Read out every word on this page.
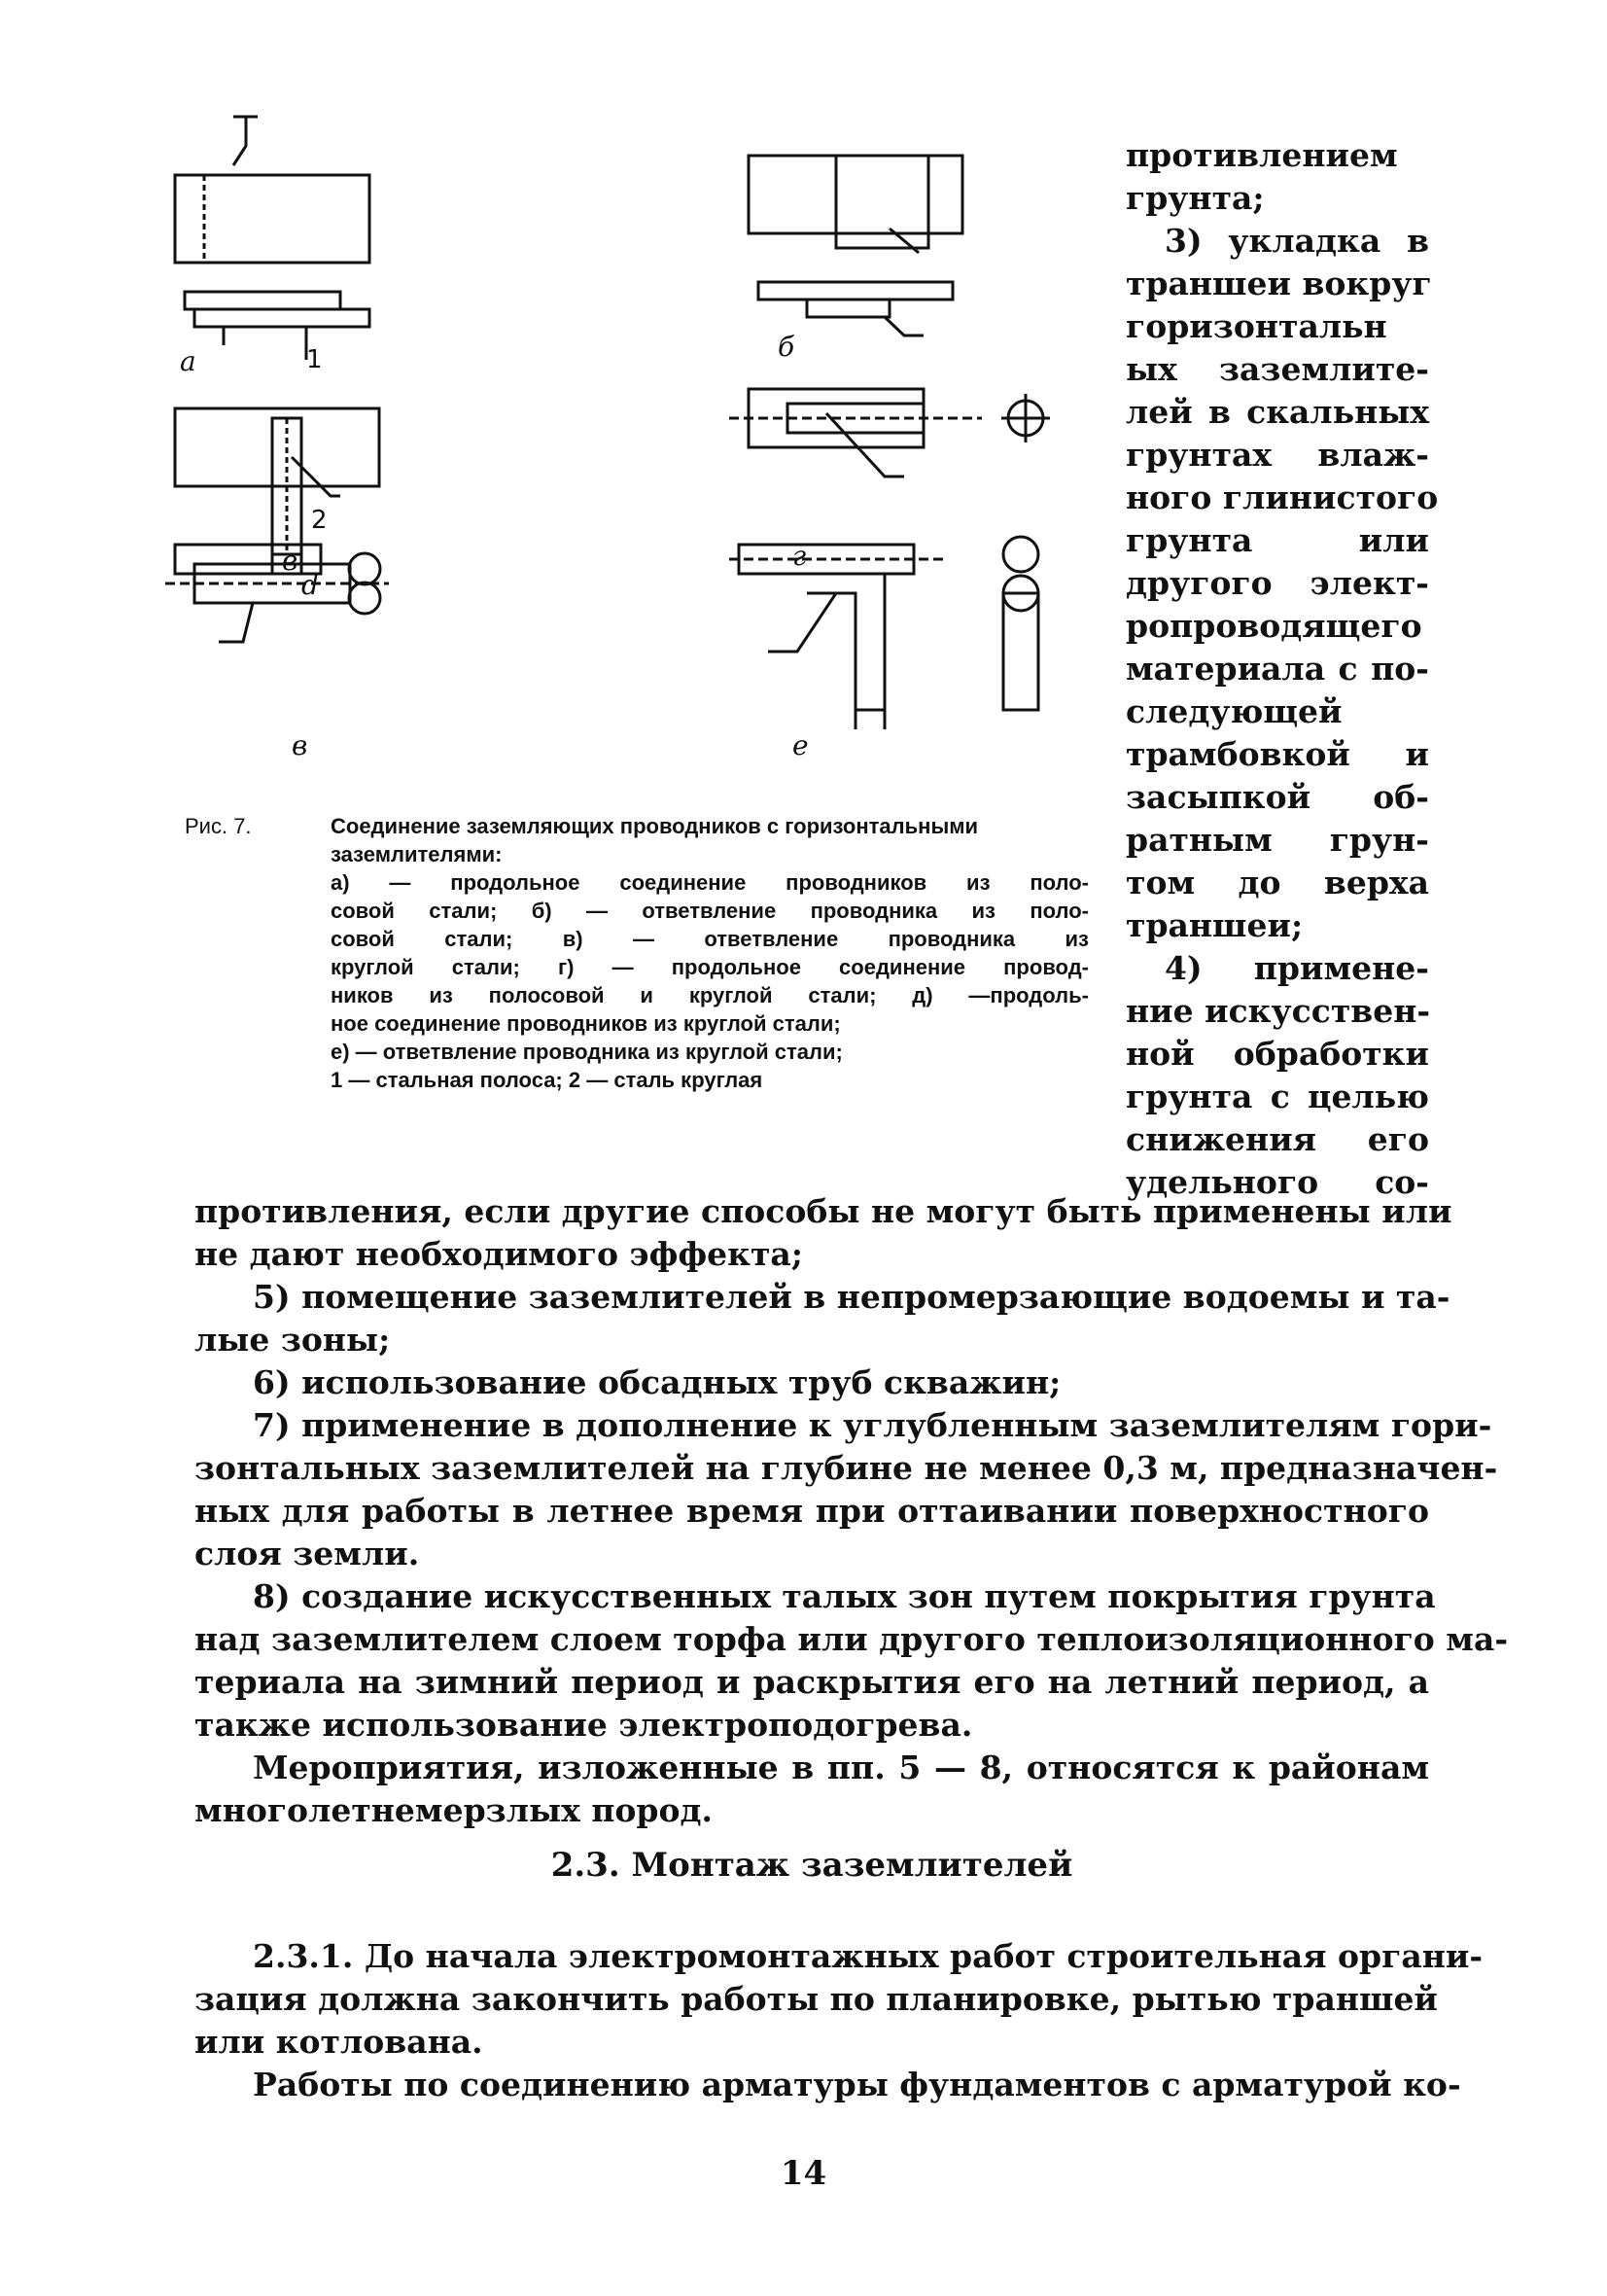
а	1	б
в
2
d
г
в	е
Рис. 7.	Соединение заземляющих проводников с горизонтальными заземлителями:
а) — продольное соединение проводников из поло-
совой стали; б) — ответвление проводника из поло-
совой стали; в) — ответвление проводника из
круглой стали; г) — продольное соединение провод-
ников из полосовой и круглой стали; д) —продоль-
ное соединение проводников из круглой стали;
е) — ответвление проводника из круглой стали;
1 — стальная полоса; 2 — сталь круглая
противлением
грунта;
3) укладка в
траншеи вокруг
горизонтальн
ых заземлите-
лей в скальных
грунтах влаж-
ного глинистого
грунта или
другого элект-
ропроводящего
материала с по-
следующей
трамбовкой и
засыпкой об-
ратным грун-
том до верха
траншеи;
4) примене-
ние искусствен-
ной обработки
грунта с целью
снижения его
удельного со-
противления, если другие способы не могут быть применены или
не дают необходимого эффекта;
5) помещение заземлителей в непромерзающие водоемы и та-
лые зоны;
6) использование обсадных труб скважин;
7) применение в дополнение к углубленным заземлителям гори-
зонтальных заземлителей на глубине не менее 0,3 м, предназначен-
ных для работы в летнее время при оттаивании поверхностного
слоя земли.
8) создание искусственных талых зон путем покрытия грунта
над заземлителем слоем торфа или другого теплоизоляционного ма-
териала на зимний период и раскрытия его на летний период, а
также использование электроподогрева.
Мероприятия, изложенные в пп. 5 — 8, относятся к районам
многолетнемерзлых пород.
2.3. Монтаж заземлителей
2.3.1. До начала электромонтажных работ строительная органи-
зация должна закончить работы по планировке, рытью траншей
или котлована.
Работы по соединению арматуры фундаментов с арматурой ко-
14
